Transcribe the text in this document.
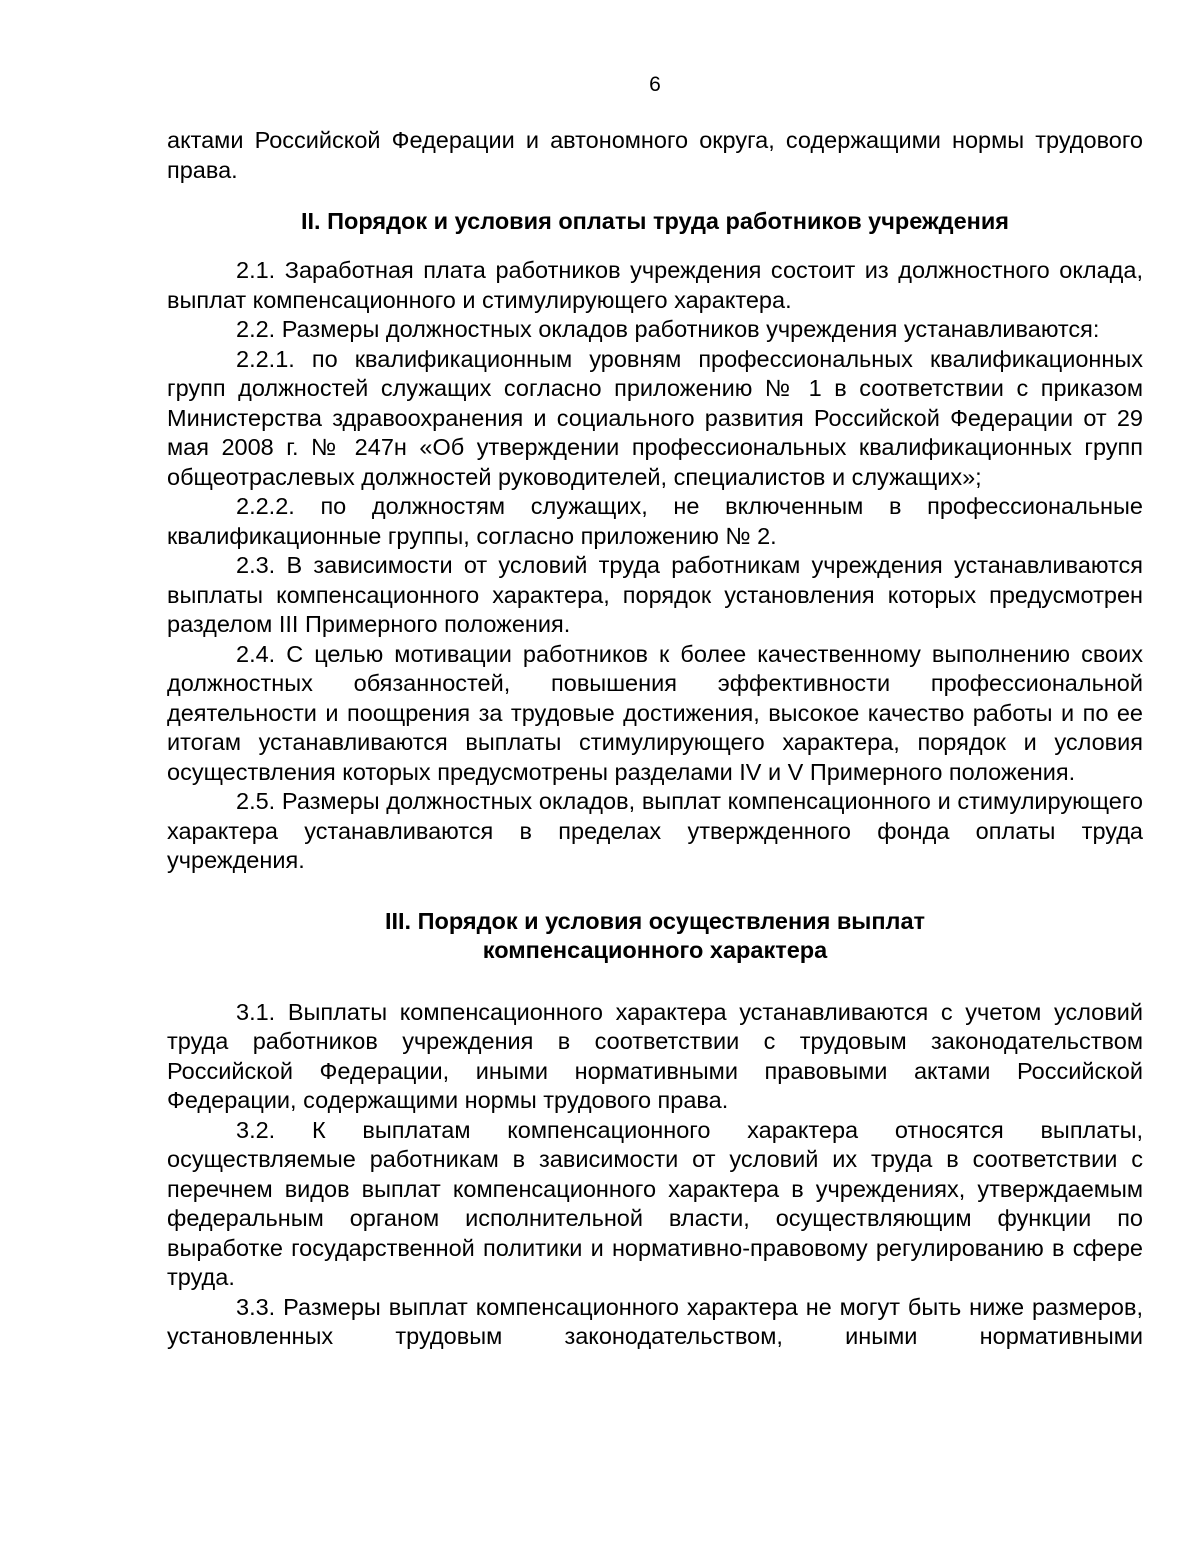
6

актами Российской Федерации и автономного округа, содержащими нормы трудового права.

II. Порядок и условия оплаты труда работников учреждения

2.1. Заработная плата работников учреждения состоит из должностного оклада, выплат компенсационного и стимулирующего характера.

2.2. Размеры должностных окладов работников учреждения устанавливаются:

2.2.1. по квалификационным уровням профессиональных квалификационных групп должностей служащих согласно приложению № 1 в соответствии с приказом Министерства здравоохранения и социального развития Российской Федерации от 29 мая 2008 г. № 247н «Об утверждении профессиональных квалификационных групп общеотраслевых должностей руководителей, специалистов и служащих»;

2.2.2. по должностям служащих, не включенным в профессиональные квалификационные группы, согласно приложению № 2.

2.3. В зависимости от условий труда работникам учреждения устанавливаются выплаты компенсационного характера, порядок установления которых предусмотрен разделом III Примерного положения.

2.4. С целью мотивации работников к более качественному выполнению своих должностных обязанностей, повышения эффективности профессиональной деятельности и поощрения за трудовые достижения, высокое качество работы и по ее итогам устанавливаются выплаты стимулирующего характера, порядок и условия осуществления которых предусмотрены разделами IV и V Примерного положения.

2.5. Размеры должностных окладов, выплат компенсационного и стимулирующего характера устанавливаются в пределах утвержденного фонда оплаты труда учреждения.

III. Порядок и условия осуществления выплат
компенсационного характера

3.1. Выплаты компенсационного характера устанавливаются с учетом условий труда работников учреждения в соответствии с трудовым законодательством Российской Федерации, иными нормативными правовыми актами Российской Федерации, содержащими нормы трудового права.

3.2. К выплатам компенсационного характера относятся выплаты, осуществляемые работникам в зависимости от условий их труда в соответствии с перечнем видов выплат компенсационного характера в учреждениях, утверждаемым федеральным органом исполнительной власти, осуществляющим функции по выработке государственной политики и нормативно-правовому регулированию в сфере труда.

3.3. Размеры выплат компенсационного характера не могут быть ниже размеров, установленных трудовым законодательством, иными нормативными
